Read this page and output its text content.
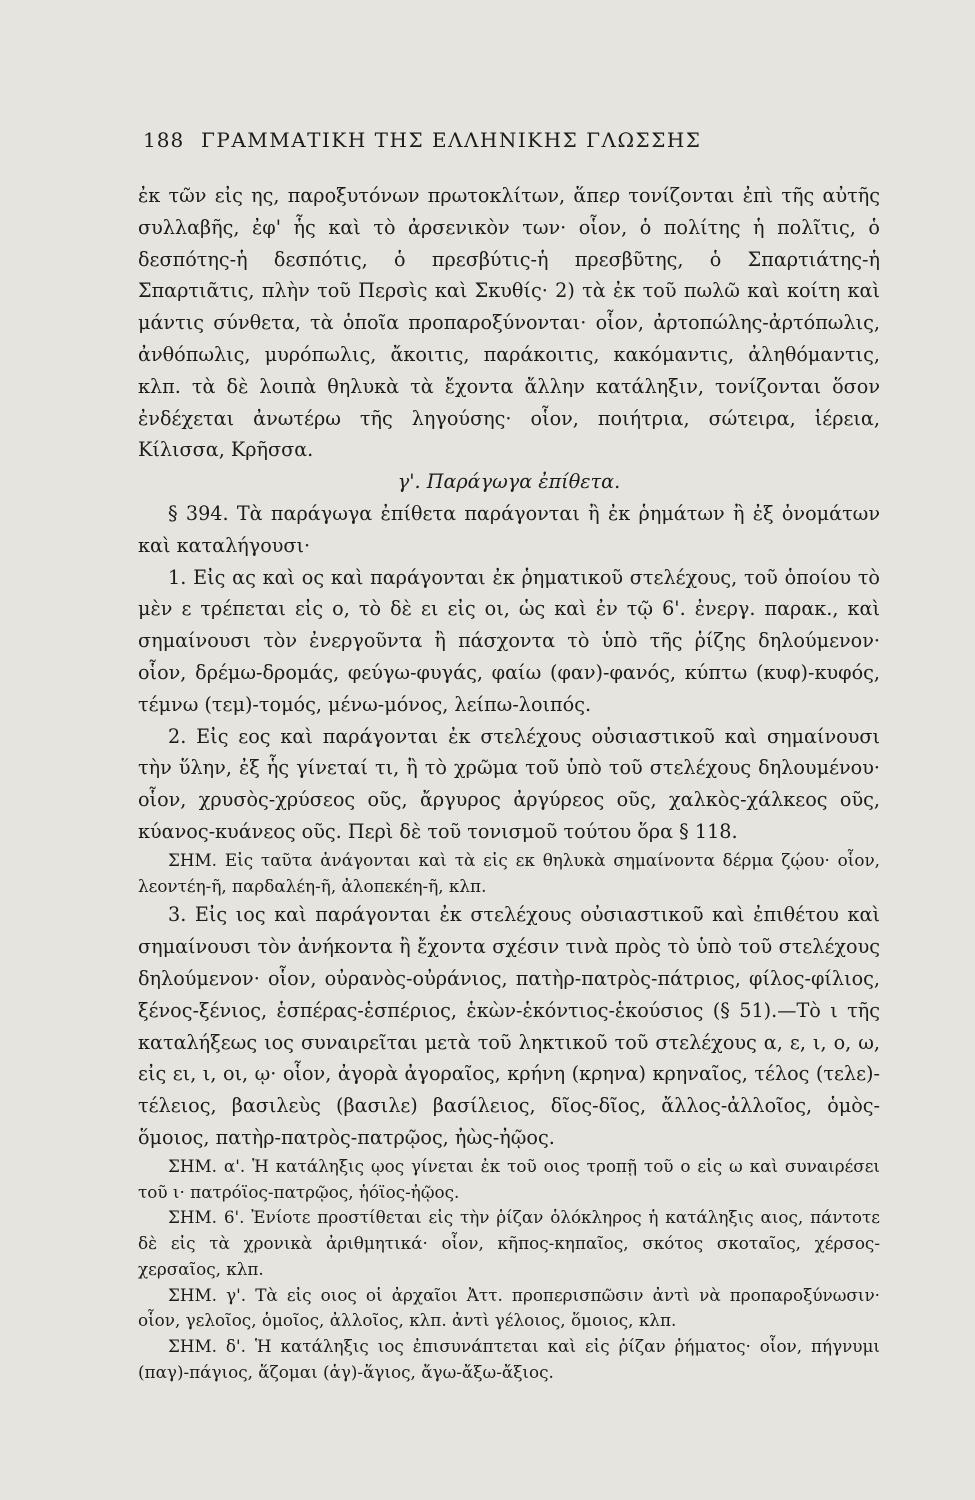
188 ΓΡΑΜΜΑΤΙΚΗ ΤΗΣ ΕΛΛΗΝΙΚΗΣ ΓΛΩΣΣΗΣ

ἐκ τῶν εἰς ης, παροξυτόνων πρωτοκλίτων, ἅπερ τονίζονται ἐπὶ τῆς αὐτῆς συλλαβῆς, ἐφ' ἧς καὶ τὸ ἀρσενικὸν των· οἷον, ὁ πολίτης ἡ πολῖτις, ὁ δεσπότης-ἡ δεσπότις, ὁ πρεσβύτις-ἡ πρεσβῦτης, ὁ Σπαρτιάτης-ἡ Σπαρτιᾶτις, πλὴν τοῦ Περσὶς καὶ Σκυθίς· 2) τὰ ἐκ τοῦ πωλῶ καὶ κοίτη καὶ μάντις σύνθετα, τὰ ὁποῖα προπαροξύνονται· οἷον, ἀρτοπώλης-ἀρτόπωλις, ἀνθόπωλις, μυρόπωλις, ἄκοιτις, παράκοιτις, κακόμαντις, ἀληθόμαντις, κλπ. τὰ δὲ λοιπὰ θηλυκὰ τὰ ἔχοντα ἄλλην κατάληξιν, τονίζονται ὅσον ἐνδέχεται ἀνωτέρω τῆς ληγούσης· οἷον, ποιήτρια, σώτειρα, ἱέρεια, Κίλισσα, Κρῆσσα.

γ'. Παράγωγα ἐπίθετα.

§ 394. Τὰ παράγωγα ἐπίθετα παράγονται ἢ ἐκ ῥημάτων ἢ ἐξ ὀνομάτων καὶ καταλήγουσι·

1. Εἰς ας καὶ ος καὶ παράγονται ἐκ ῥηματικοῦ στελέχους, τοῦ ὁποίου τὸ μὲν ε τρέπεται εἰς ο, τὸ δὲ ει εἰς οι, ὡς καὶ ἐν τῷ 6'. ἐνεργ. παρακ., καὶ σημαίνουσι τὸν ἐνεργοῦντα ἢ πάσχοντα τὸ ὑπὸ τῆς ῥίζης δηλούμενον· οἷον, δρέμω-δρομάς, φεύγω-φυγάς, φαίω (φαν)-φανός, κύπτω (κυφ)-κυφός, τέμνω (τεμ)-τομός, μένω-μόνος, λείπω-λοιπός.

2. Εἰς εος καὶ παράγονται ἐκ στελέχους οὐσιαστικοῦ καὶ σημαίνουσι τὴν ὕλην, ἐξ ἧς γίνεταί τι, ἢ τὸ χρῶμα τοῦ ὑπὸ τοῦ στελέχους δηλουμένου· οἷον, χρυσὸς-χρύσεος οῦς, ἄργυρος ἀργύρεος οῦς, χαλκὸς-χάλκεος οῦς, κύανος-κυάνεος οῦς. Περὶ δὲ τοῦ τονισμοῦ τούτου ὅρα § 118.

ΣΗΜ. Εἰς ταῦτα ἀνάγονται καὶ τὰ εἰς εκ θηλυκὰ σημαίνοντα δέρμα ζῴου· οἷον, λεοντέη-ῆ, παρδαλέη-ῆ, ἀλοπεκέη-ῆ, κλπ.

3. Εἰς ιος καὶ παράγονται ἐκ στελέχους οὐσιαστικοῦ καὶ ἐπιθέτου καὶ σημαίνουσι τὸν ἀνήκοντα ἢ ἔχοντα σχέσιν τινὰ πρὸς τὸ ὑπὸ τοῦ στελέχους δηλούμενον· οἷον, οὐρανὸς-οὐράνιος, πατὴρ-πατρὸς-πάτριος, φίλος-φίλιος, ξένος-ξένιος, ἑσπέρας-ἑσπέριος, ἑκὼν-ἑκόντιος-ἑκούσιος (§ 51).—Τὸ ι τῆς καταλήξεως ιος συναιρεῖται μετὰ τοῦ ληκτικοῦ τοῦ στελέχους α, ε, ι, ο, ω, εἰς ει, ι, οι, ῳ· οἷον, ἀγορὰ ἀγοραῖος, κρήνη (κρηνα) κρηναῖος, τέλος (τελε)-τέλειος, βασιλεὺς (βασιλε) βασίλειος, δῖος-δῖος, ἄλλος-ἀλλοῖος, ὁμὸς-ὅμοιος, πατὴρ-πατρὸς-πατρῷος, ἠὼς-ἠῷος.

ΣΗΜ. α'. Ἡ κατάληξις ῳος γίνεται ἐκ τοῦ οιος τροπῇ τοῦ ο εἰς ω καὶ συναιρέσει τοῦ ι· πατρόϊος-πατρῷος, ἡόϊος-ἠῷος.

ΣΗΜ. 6'. Ἐνίοτε προστίθεται εἰς τὴν ῥίζαν ὁλόκληρος ἡ κατάληξις αιος, πάντοτε δὲ εἰς τὰ χρονικὰ ἀριθμητικά· οἷον, κῆπος-κηπαῖος, σκότος σκοταῖος, χέρσος-χερσαῖος, κλπ.

ΣΗΜ. γ'. Τὰ εἰς οιος οἱ ἀρχαῖοι Ἀττ. προπερισπῶσιν ἀντὶ νὰ προπαροξύνωσιν· οἷον, γελοῖος, ὁμοῖος, ἀλλοῖος, κλπ. ἀντὶ γέλοιος, ὅμοιος, κλπ.

ΣΗΜ. δ'. Ἡ κατάληξις ιος ἐπισυνάπτεται καὶ εἰς ῥίζαν ῥήματος· οἷον, πήγνυμι (παγ)-πάγιος, ἅζομαι (ἁγ)-ἅγιος, ἄγω-ἄξω-ἄξιος.
